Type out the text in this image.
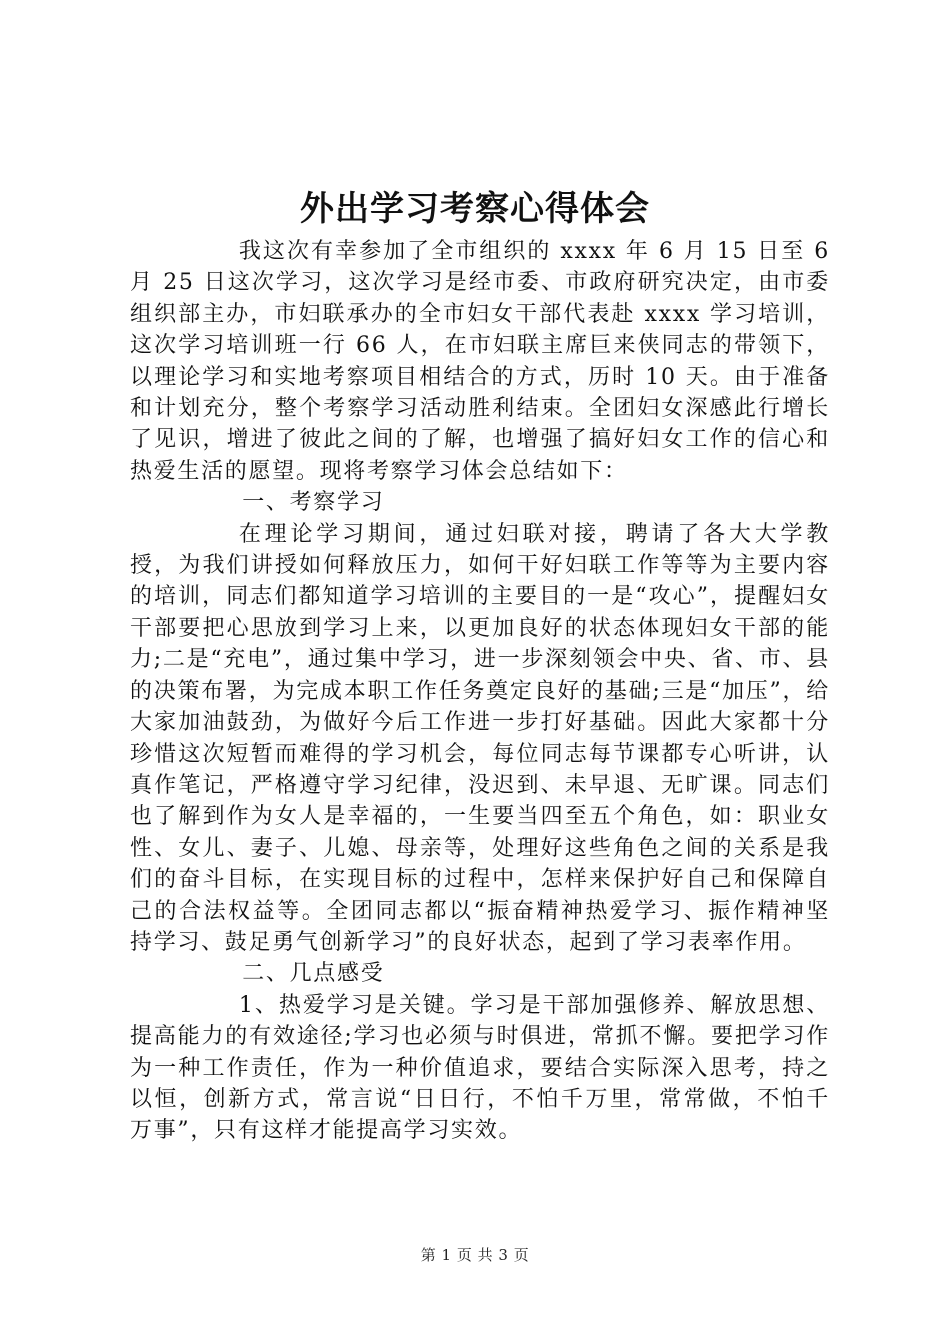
外出学习考察心得体会

我这次有幸参加了全市组织的 xxxx 年 6 月 15 日至 6 月 25 日这次学习，这次学习是经市委、市政府研究决定，由市委组织部主办，市妇联承办的全市妇女干部代表赴 xxxx 学习培训，这次学习培训班一行 66 人，在市妇联主席巨来侠同志的带领下，以理论学习和实地考察项目相结合的方式，历时 10 天。由于准备和计划充分，整个考察学习活动胜利结束。全团妇女深感此行增长了见识，增进了彼此之间的了解，也增强了搞好妇女工作的信心和热爱生活的愿望。现将考察学习体会总结如下：

一、考察学习

在理论学习期间，通过妇联对接，聘请了各大大学教授，为我们讲授如何释放压力，如何干好妇联工作等等为主要内容的培训，同志们都知道学习培训的主要目的一是“攻心”，提醒妇女干部要把心思放到学习上来，以更加良好的状态体现妇女干部的能力;二是“充电”，通过集中学习，进一步深刻领会中央、省、市、县的决策布署，为完成本职工作任务奠定良好的基础;三是“加压”，给大家加油鼓劲，为做好今后工作进一步打好基础。因此大家都十分珍惜这次短暂而难得的学习机会，每位同志每节课都专心听讲，认真作笔记，严格遵守学习纪律，没迟到、未早退、无旷课。同志们也了解到作为女人是幸福的，一生要当四至五个角色，如：职业女性、女儿、妻子、儿媳、母亲等，处理好这些角色之间的关系是我们的奋斗目标，在实现目标的过程中，怎样来保护好自己和保障自己的合法权益等。全团同志都以“振奋精神热爱学习、振作精神坚持学习、鼓足勇气创新学习”的良好状态，起到了学习表率作用。

二、几点感受

1、热爱学习是关键。学习是干部加强修养、解放思想、提高能力的有效途径;学习也必须与时俱进，常抓不懈。要把学习作为一种工作责任，作为一种价值追求，要结合实际深入思考，持之以恒，创新方式，常言说“日日行，不怕千万里，常常做，不怕千万事”，只有这样才能提高学习实效。

第 1 页 共 3 页
